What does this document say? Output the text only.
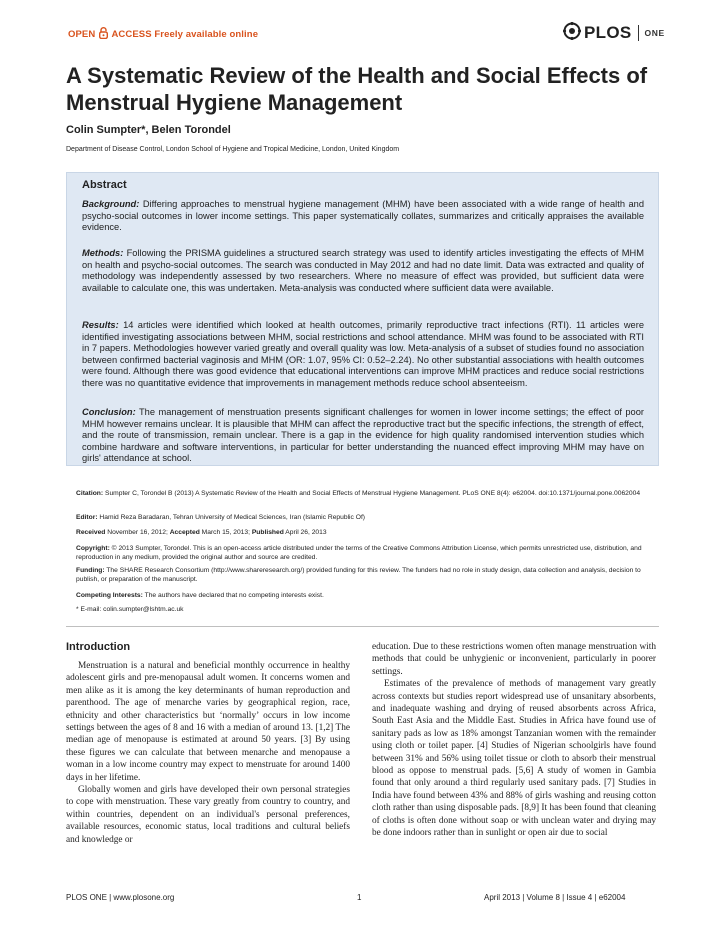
OPEN ACCESS Freely available online	PLOS ONE
A Systematic Review of the Health and Social Effects of Menstrual Hygiene Management
Colin Sumpter*, Belen Torondel
Department of Disease Control, London School of Hygiene and Tropical Medicine, London, United Kingdom
Abstract

Background: Differing approaches to menstrual hygiene management (MHM) have been associated with a wide range of health and psycho-social outcomes in lower income settings. This paper systematically collates, summarizes and critically appraises the available evidence.

Methods: Following the PRISMA guidelines a structured search strategy was used to identify articles investigating the effects of MHM on health and psycho-social outcomes. The search was conducted in May 2012 and had no date limit. Data was extracted and quality of methodology was independently assessed by two researchers. Where no measure of effect was provided, but sufficient data were available to calculate one, this was undertaken. Meta-analysis was conducted where sufficient data were available.

Results: 14 articles were identified which looked at health outcomes, primarily reproductive tract infections (RTI). 11 articles were identified investigating associations between MHM, social restrictions and school attendance. MHM was found to be associated with RTI in 7 papers. Methodologies however varied greatly and overall quality was low. Meta-analysis of a subset of studies found no association between confirmed bacterial vaginosis and MHM (OR: 1.07, 95% CI: 0.52–2.24). No other substantial associations with health outcomes were found. Although there was good evidence that educational interventions can improve MHM practices and reduce social restrictions there was no quantitative evidence that improvements in management methods reduce school absenteeism.

Conclusion: The management of menstruation presents significant challenges for women in lower income settings; the effect of poor MHM however remains unclear. It is plausible that MHM can affect the reproductive tract but the specific infections, the strength of effect, and the route of transmission, remain unclear. There is a gap in the evidence for high quality randomised intervention studies which combine hardware and software interventions, in particular for better understanding the nuanced effect improving MHM may have on girls' attendance at school.

Citation: Sumpter C, Torondel B (2013) A Systematic Review of the Health and Social Effects of Menstrual Hygiene Management. PLoS ONE 8(4): e62004. doi:10.1371/journal.pone.0062004

Editor: Hamid Reza Baradaran, Tehran University of Medical Sciences, Iran (Islamic Republic Of)

Received November 16, 2012; Accepted March 15, 2013; Published April 26, 2013

Copyright: © 2013 Sumpter, Torondel. This is an open-access article distributed under the terms of the Creative Commons Attribution License, which permits unrestricted use, distribution, and reproduction in any medium, provided the original author and source are credited.

Funding: The SHARE Research Consortium (http://www.shareresearch.org/) provided funding for this review. The funders had no role in study design, data collection and analysis, decision to publish, or preparation of the manuscript.

Competing Interests: The authors have declared that no competing interests exist.

* E-mail: colin.sumpter@lshtm.ac.uk

Introduction

Menstruation is a natural and beneficial monthly occurrence in healthy adolescent girls and pre-menopausal adult women. It concerns women and men alike as it is among the key determinants of human reproduction and parenthood. The age of menarche varies by geographical region, race, ethnicity and other characteristics but ‘normally’ occurs in low income settings between the ages of 8 and 16 with a median of around 13. [1,2] The median age of menopause is estimated at around 50 years. [3] By using these figures we can calculate that between menarche and menopause a woman in a low income country may expect to menstruate for around 1400 days in her lifetime.

Globally women and girls have developed their own personal strategies to cope with menstruation. These vary greatly from country to country, and within countries, dependent on an individual's personal preferences, available resources, economic status, local traditions and cultural beliefs and knowledge or

education. Due to these restrictions women often manage menstruation with methods that could be unhygienic or inconvenient, particularly in poorer settings.

Estimates of the prevalence of methods of management vary greatly across contexts but studies report widespread use of unsanitary absorbents, and inadequate washing and drying of reused absorbents across Africa, South East Asia and the Middle East. Studies in Africa have found use of sanitary pads as low as 18% amongst Tanzanian women with the remainder using cloth or toilet paper. [4] Studies of Nigerian schoolgirls have found between 31% and 56% using toilet tissue or cloth to absorb their menstrual blood as oppose to menstrual pads. [5,6] A study of women in Gambia found that only around a third regularly used sanitary pads. [7] Studies in India have found between 43% and 88% of girls washing and reusing cotton cloth rather than using disposable pads. [8,9] It has been found that cleaning of cloths is often done without soap or with unclean water and drying may be done indoors rather than in sunlight or open air due to social

PLOS ONE | www.plosone.org	1	April 2013 | Volume 8 | Issue 4 | e62004
